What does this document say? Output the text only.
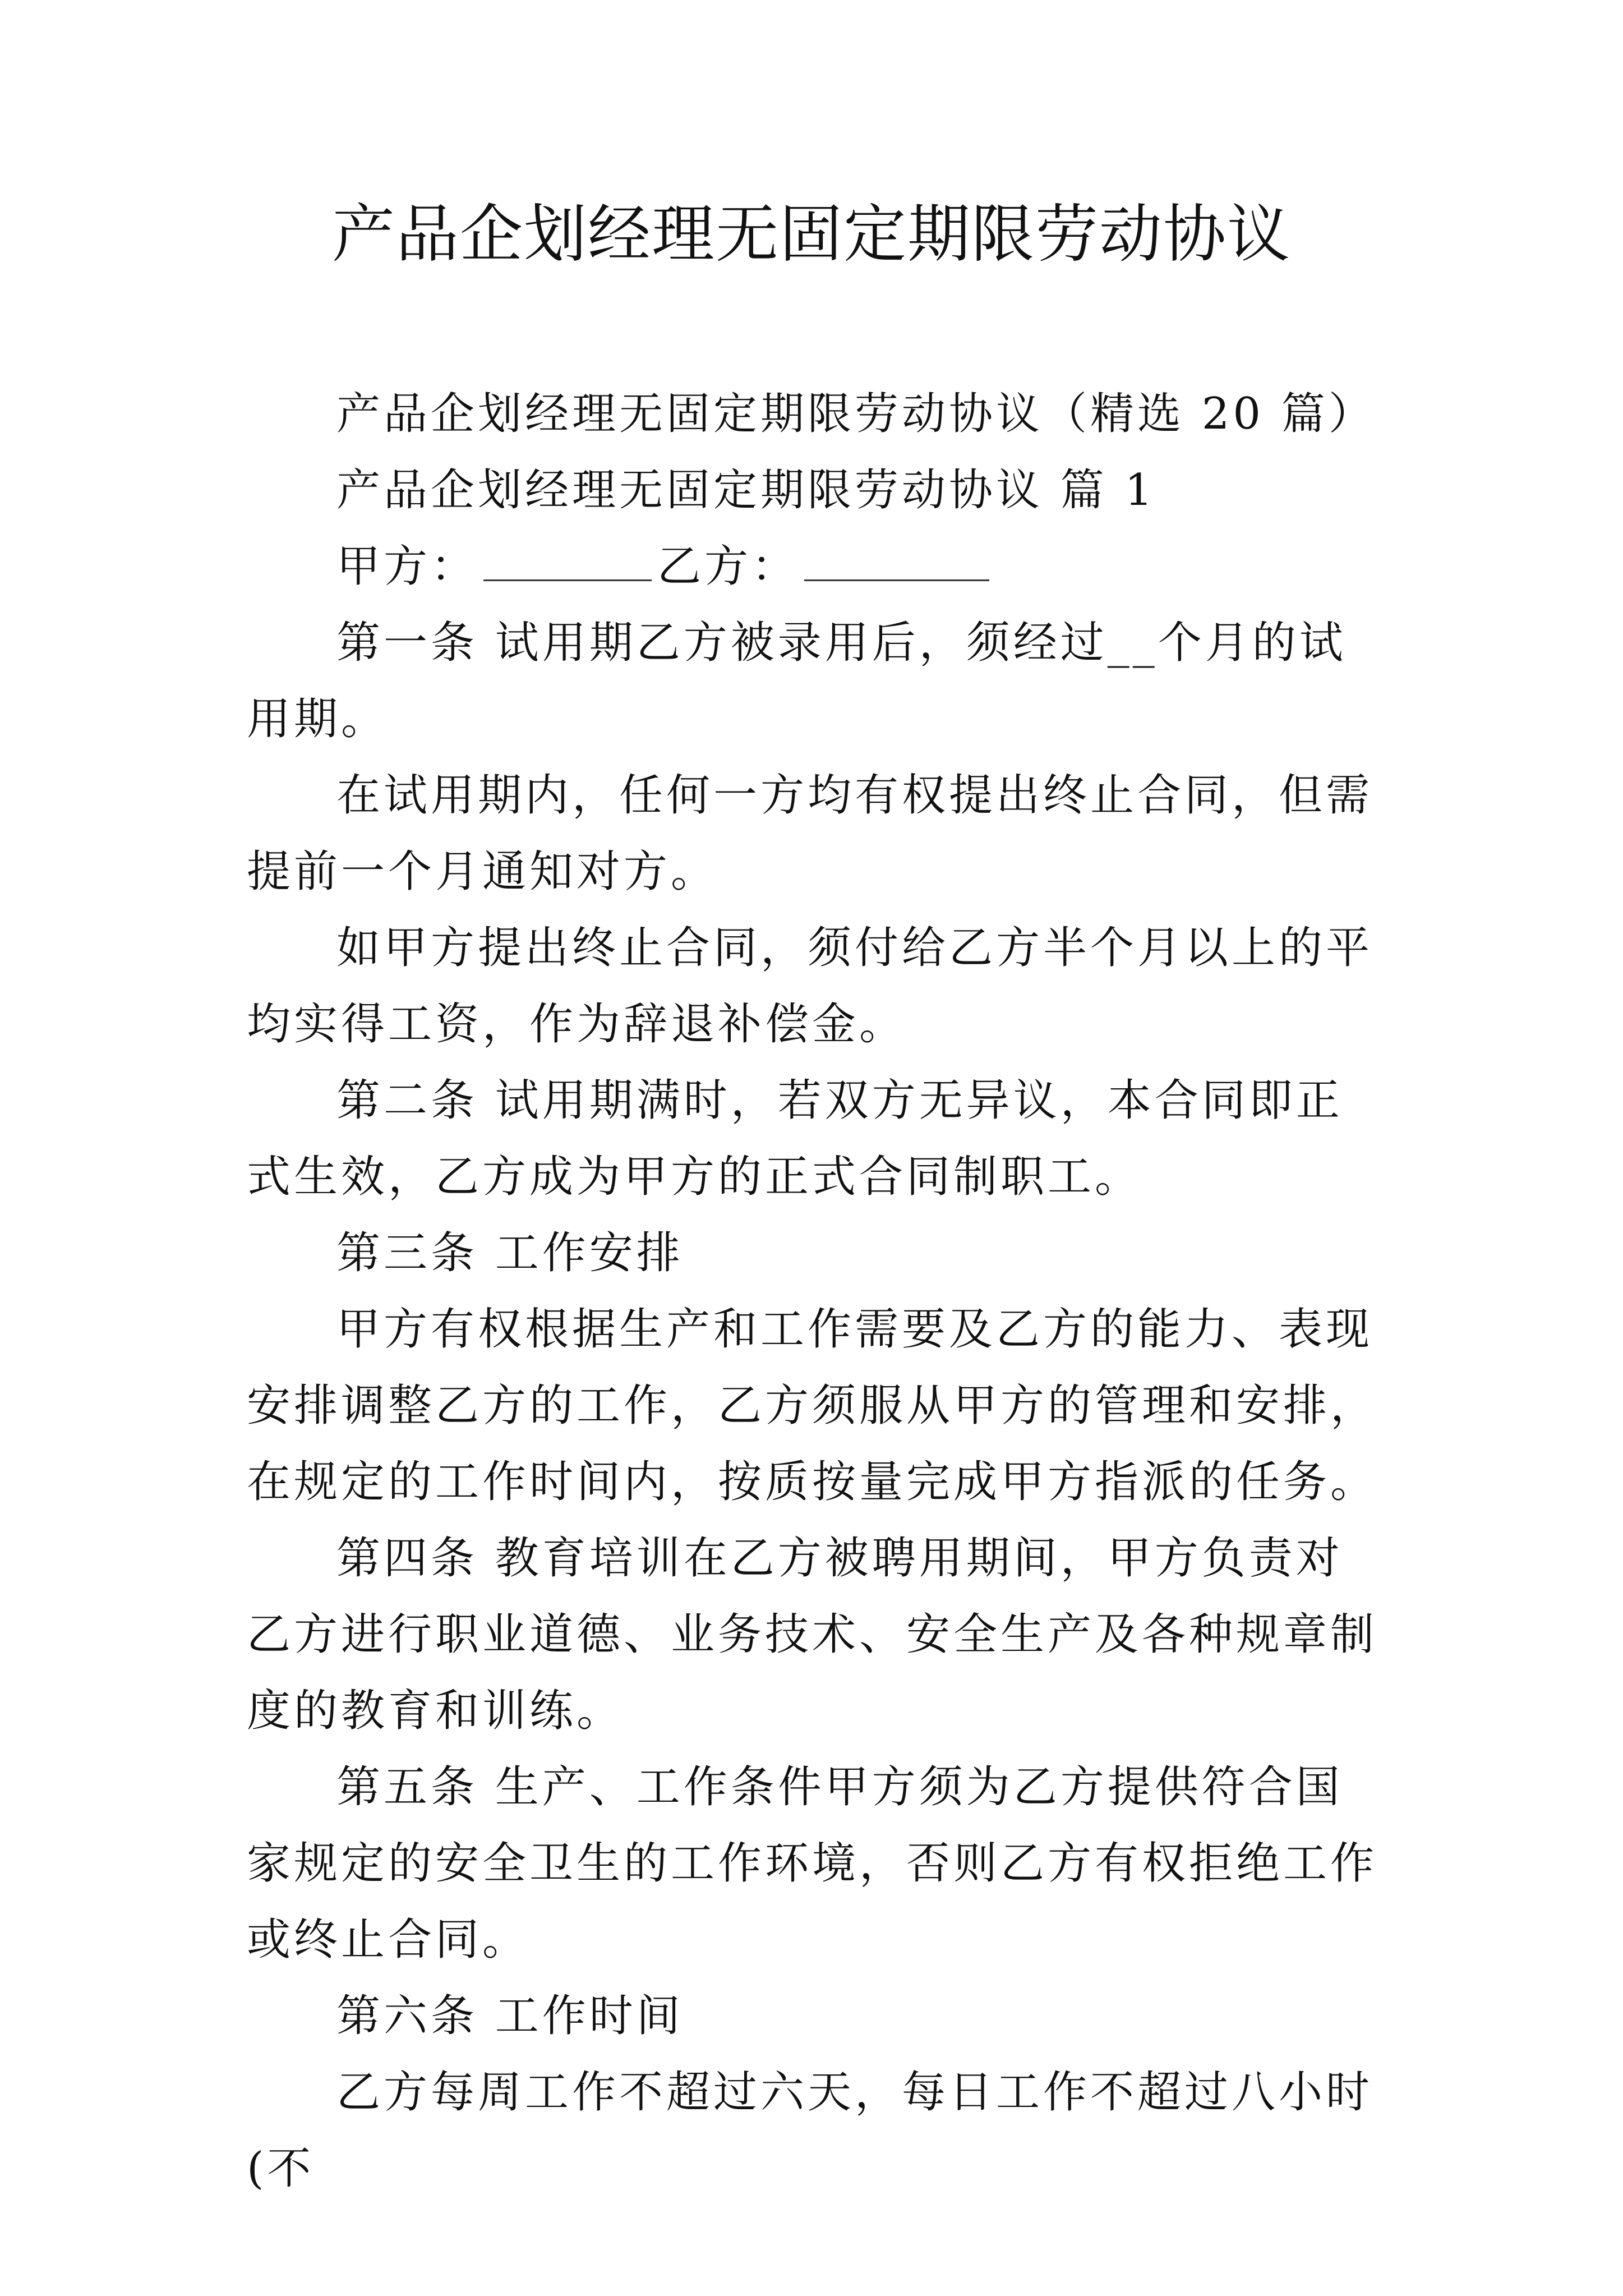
产品企划经理无固定期限劳动协议

产品企划经理无固定期限劳动协议（精选 20 篇）

产品企划经理无固定期限劳动协议 篇 1

甲方：	乙方：

第一条 试用期乙方被录用后，须经过__个月的试用期。

在试用期内，任何一方均有权提出终止合同，但需提前一个月通知对方。

如甲方提出终止合同，须付给乙方半个月以上的平均实得工资，作为辞退补偿金。

第二条 试用期满时，若双方无异议，本合同即正式生效，乙方成为甲方的正式合同制职工。

第三条 工作安排

甲方有权根据生产和工作需要及乙方的能力、表现安排调整乙方的工作，乙方须服从甲方的管理和安排，在规定的工作时间内，按质按量完成甲方指派的任务。

第四条 教育培训在乙方被聘用期间，甲方负责对乙方进行职业道德、业务技术、安全生产及各种规章制度的教育和训练。

第五条 生产、工作条件甲方须为乙方提供符合国家规定的安全卫生的工作环境，否则乙方有权拒绝工作或终止合同。

第六条 工作时间

乙方每周工作不超过六天，每日工作不超过八小时(不
